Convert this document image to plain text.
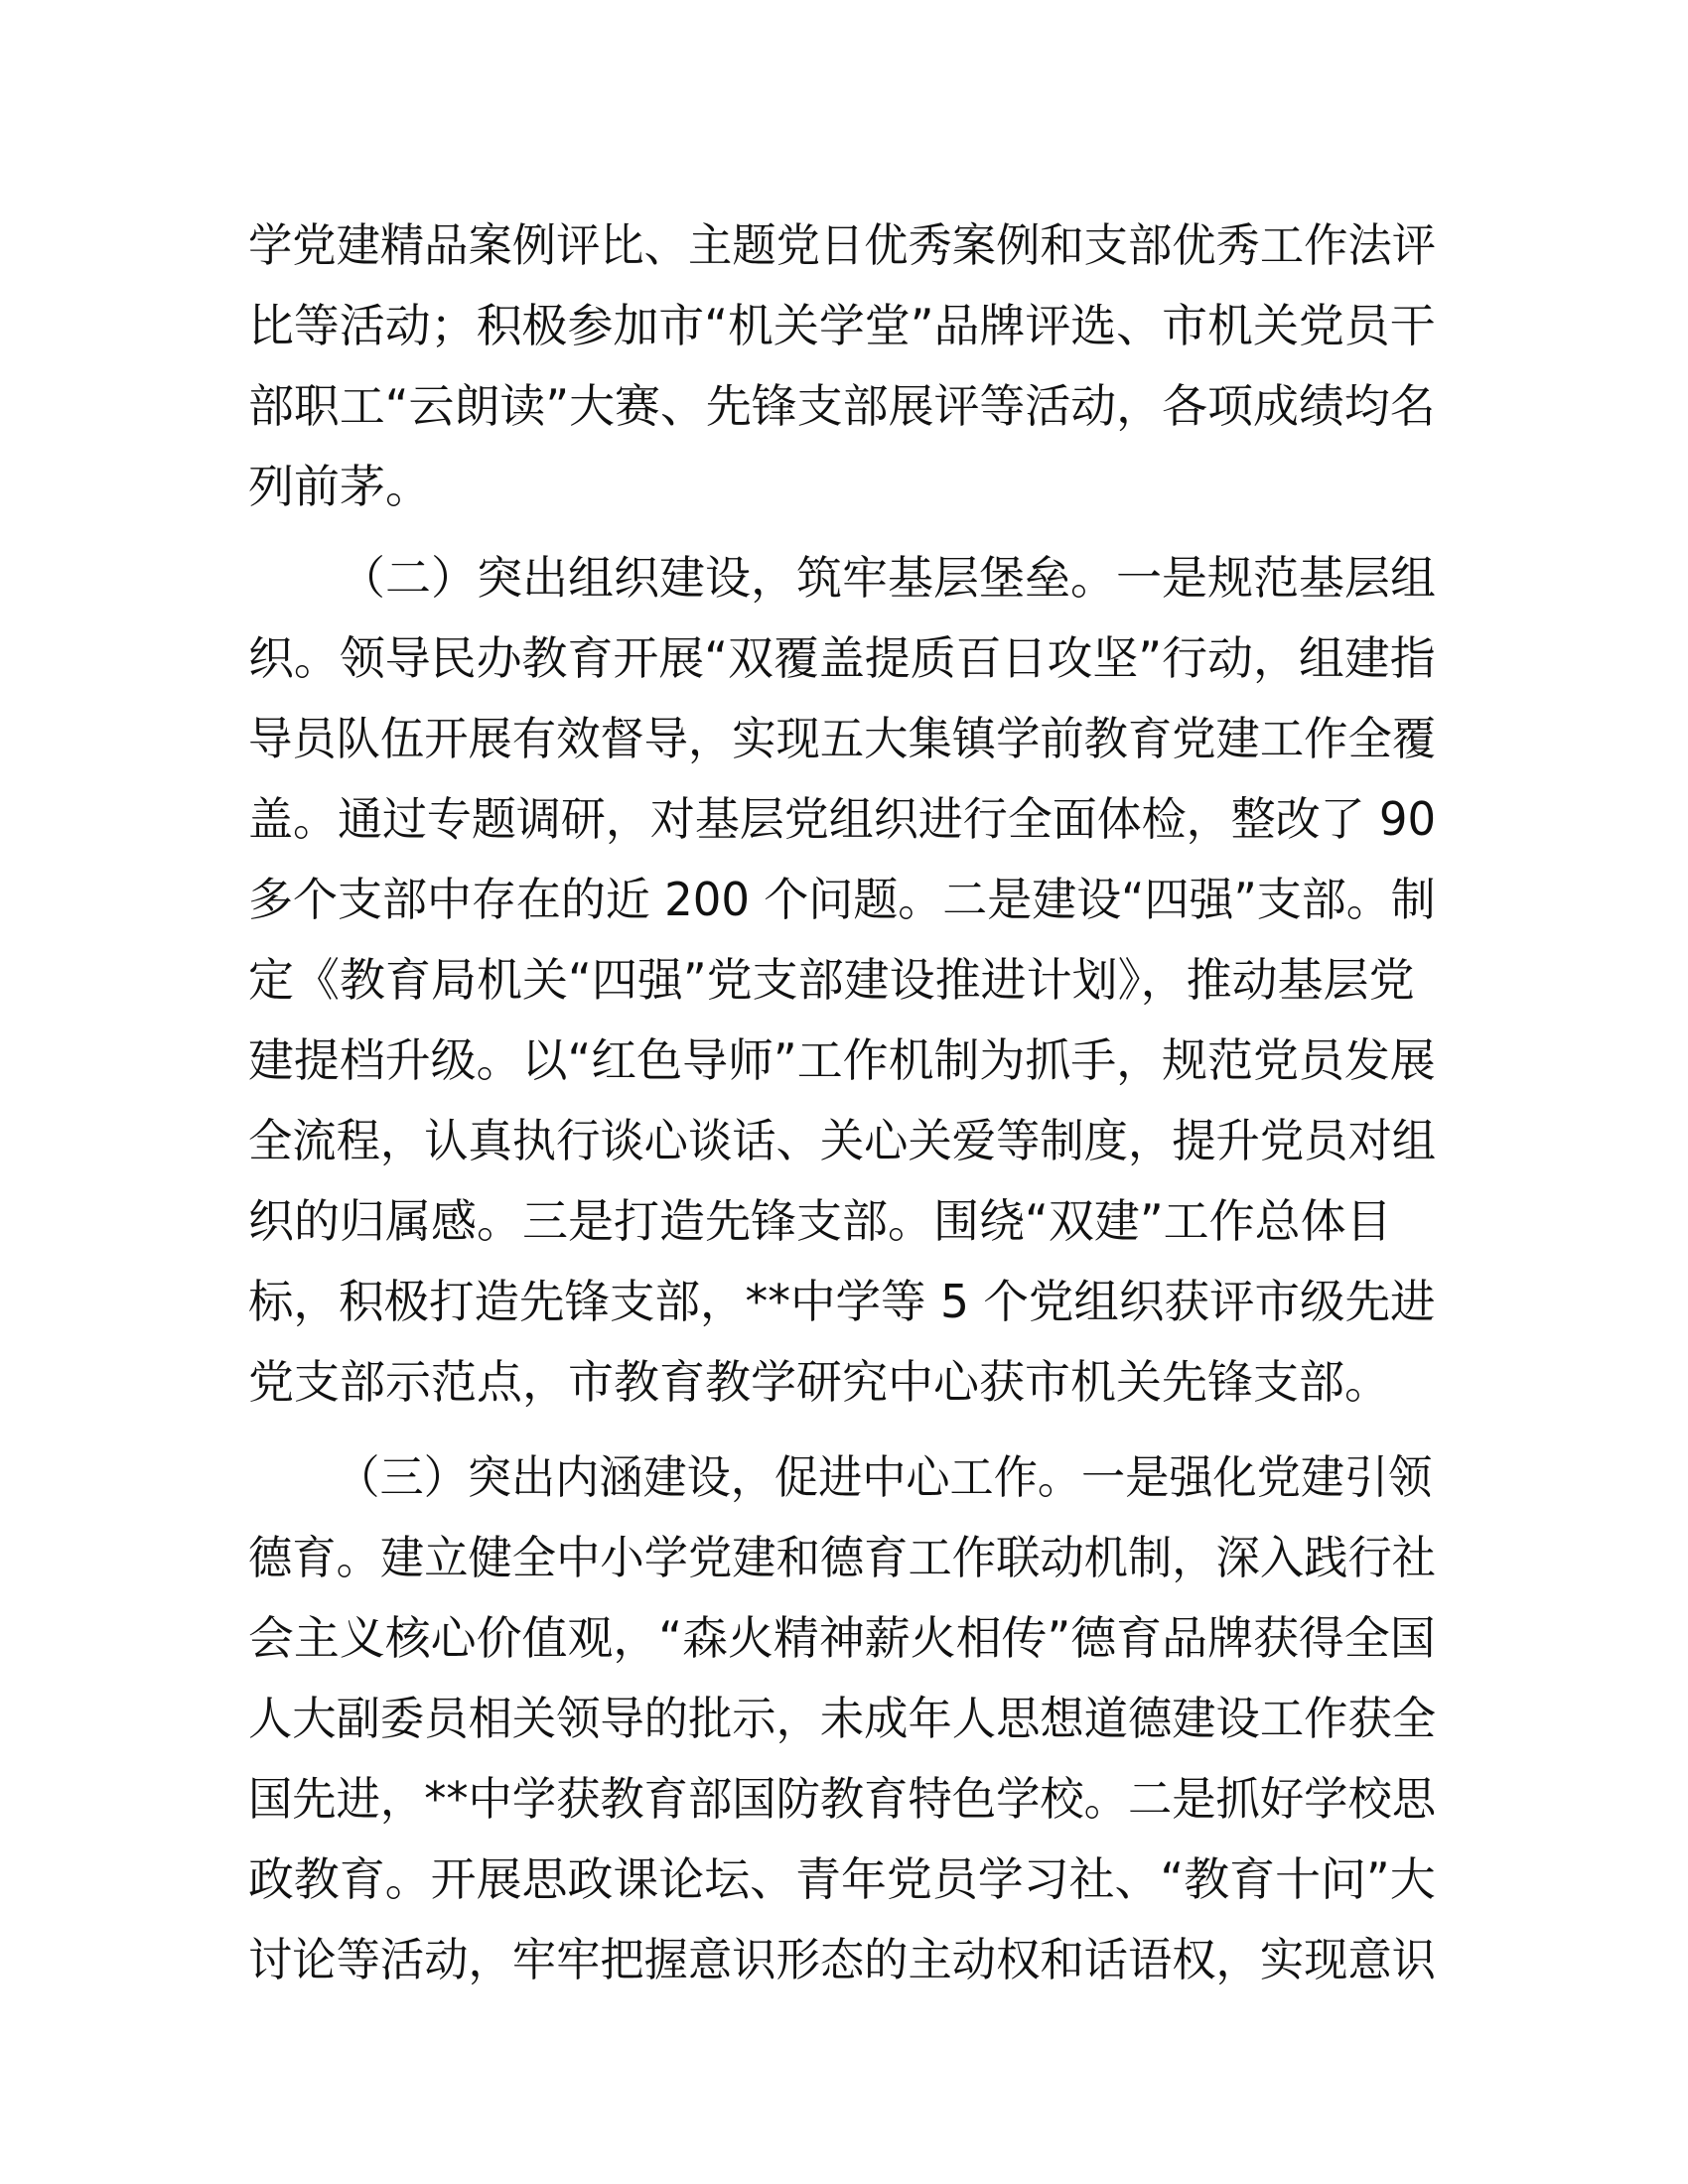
学党建精品案例评比、主题党日优秀案例和支部优秀工作法评
比等活动；积极参加市“机关学堂”品牌评选、市机关党员干
部职工“云朗读”大赛、先锋支部展评等活动，各项成绩均名
列前茅。
（二）突出组织建设，筑牢基层堡垒。一是规范基层组
织。领导民办教育开展“双覆盖提质百日攻坚”行动，组建指
导员队伍开展有效督导，实现五大集镇学前教育党建工作全覆
盖。通过专题调研，对基层党组织进行全面体检，整改了 90
多个支部中存在的近 200 个问题。二是建设“四强”支部。制
定《教育局机关“四强”党支部建设推进计划》，推动基层党
建提档升级。以“红色导师”工作机制为抓手，规范党员发展
全流程，认真执行谈心谈话、关心关爱等制度，提升党员对组
织的归属感。三是打造先锋支部。围绕“双建”工作总体目
标，积极打造先锋支部，**中学等 5 个党组织获评市级先进
党支部示范点，市教育教学研究中心获市机关先锋支部。
（三）突出内涵建设，促进中心工作。一是强化党建引领
德育。建立健全中小学党建和德育工作联动机制，深入践行社
会主义核心价值观，“森火精神薪火相传”德育品牌获得全国
人大副委员相关领导的批示，未成年人思想道德建设工作获全
国先进，**中学获教育部国防教育特色学校。二是抓好学校思
政教育。开展思政课论坛、青年党员学习社、“教育十问”大
讨论等活动，牢牢把握意识形态的主动权和话语权，实现意识
